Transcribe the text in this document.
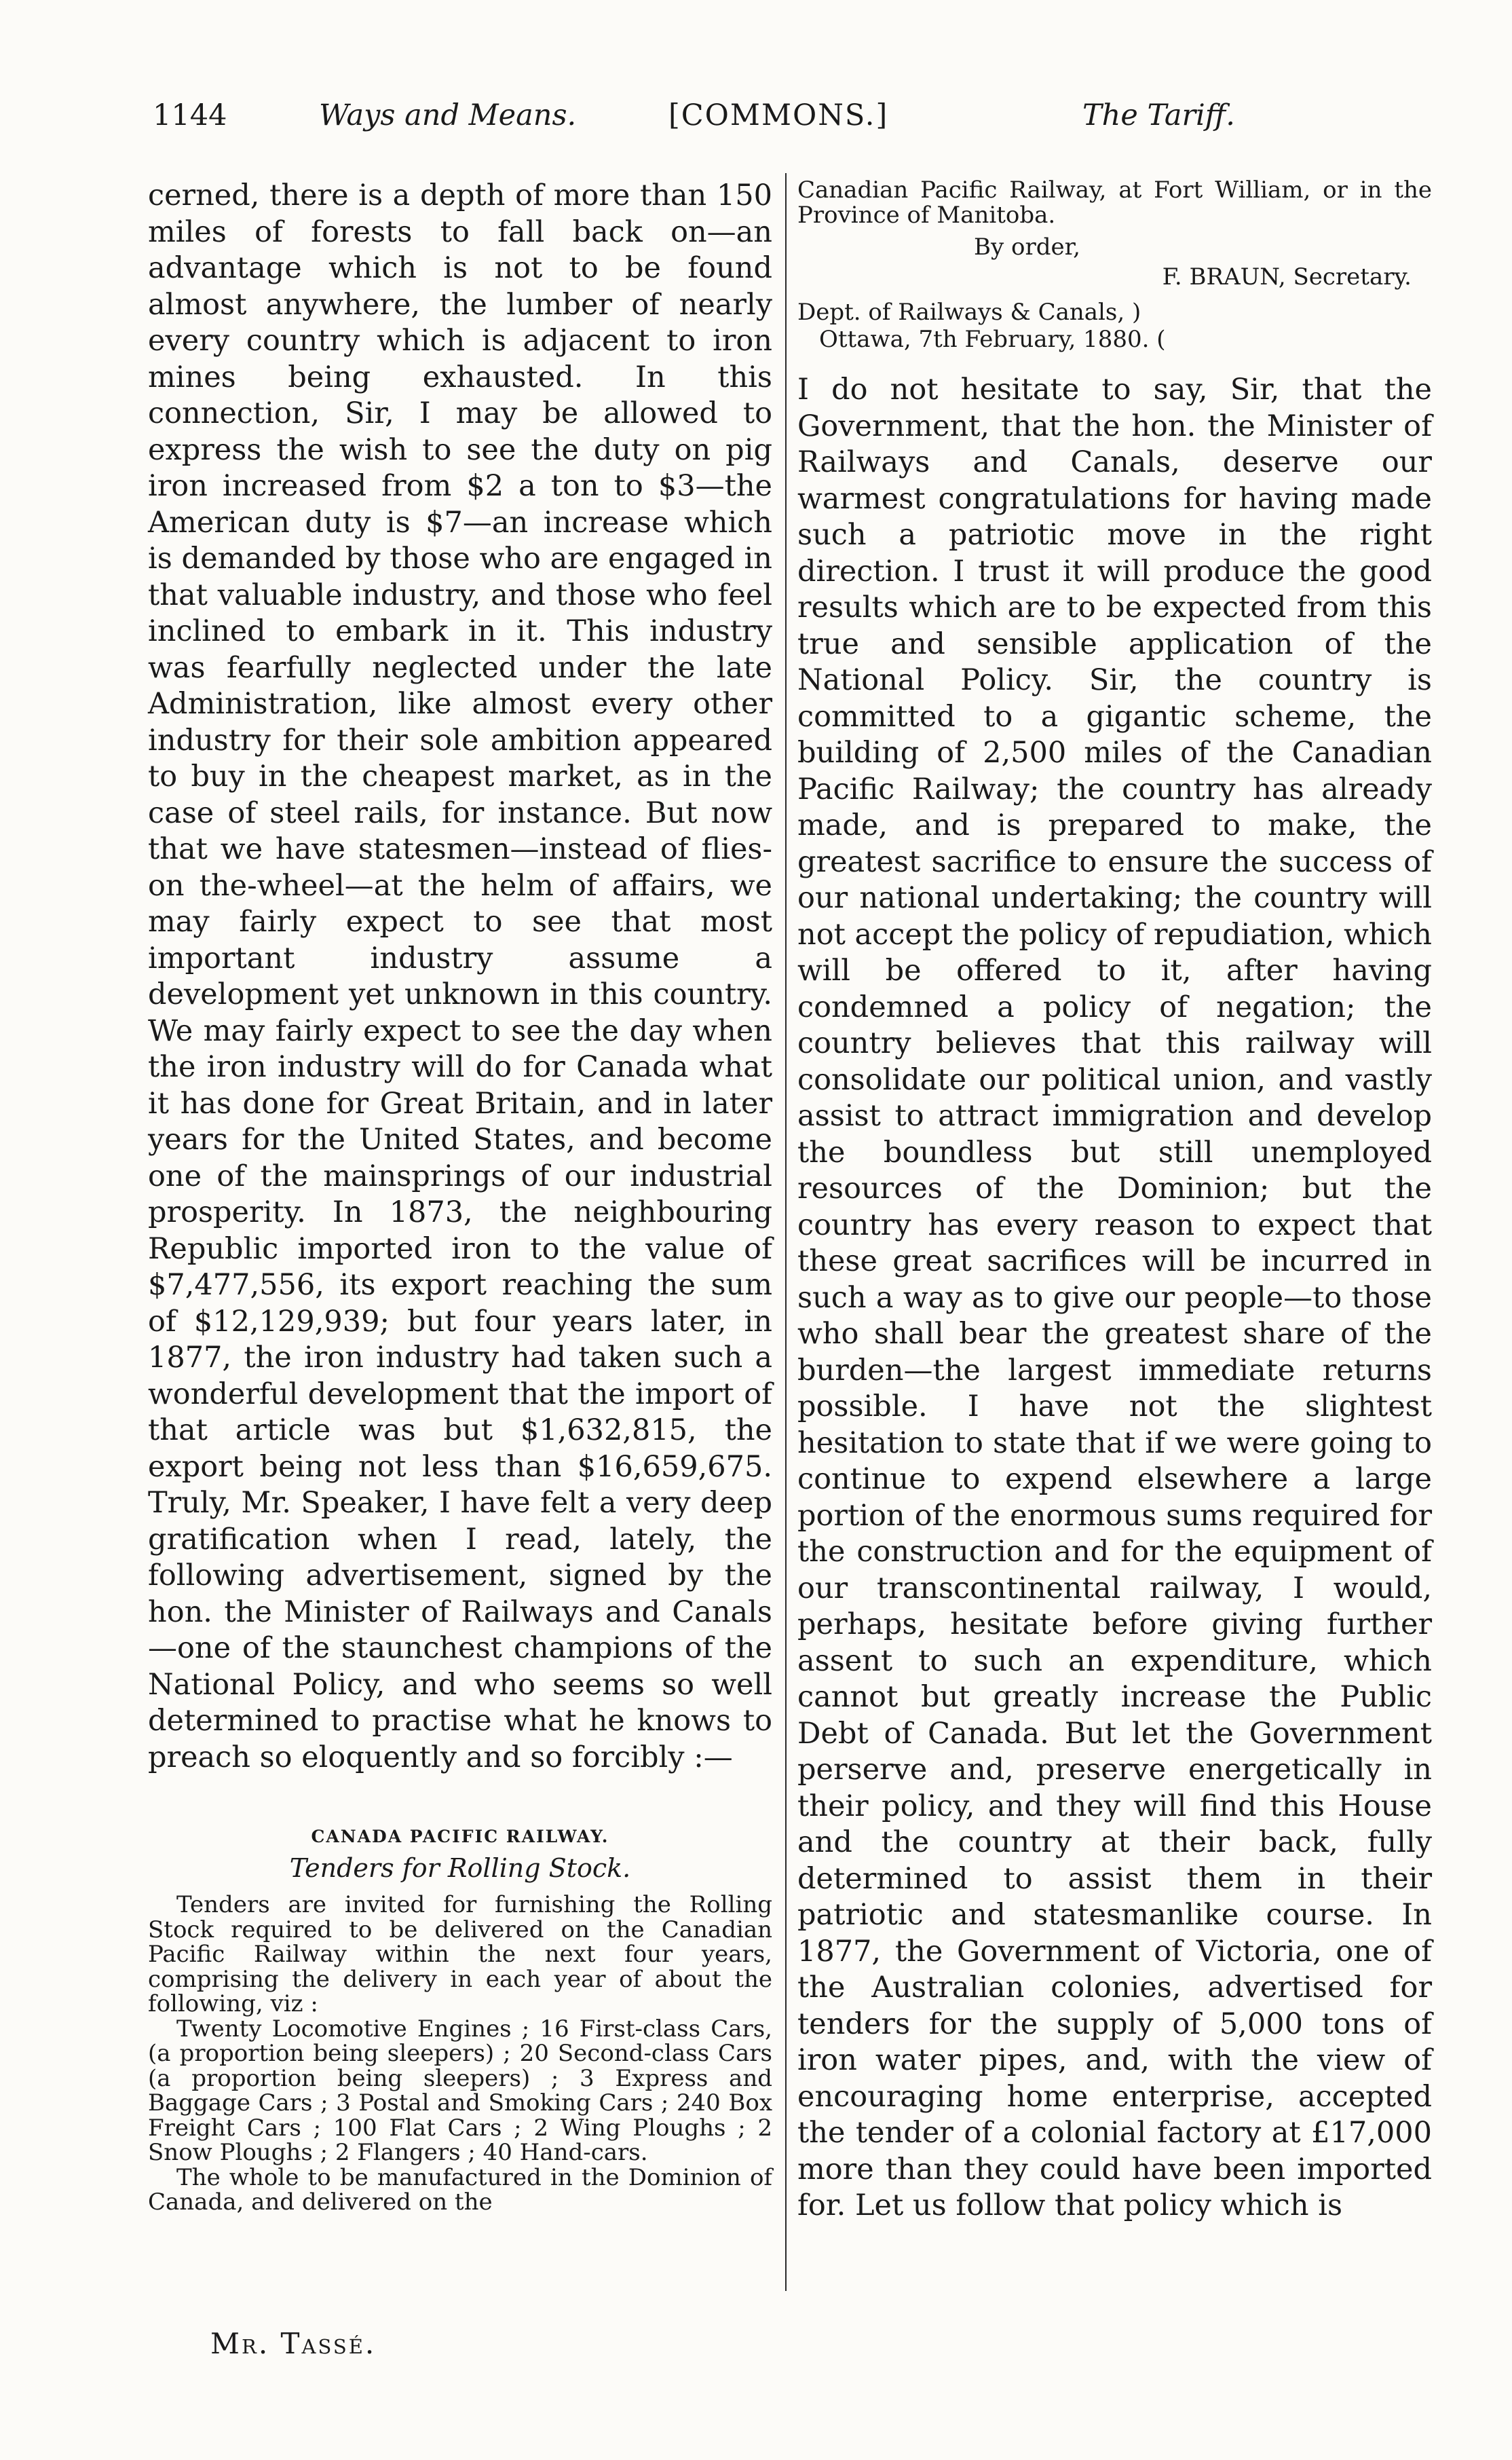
1144	Ways and Means.	[COMMONS.]	The Tariff.

cerned, there is a depth of more than 150 miles of forests to fall back on—an advantage which is not to be found almost anywhere, the lumber of nearly every country which is adjacent to iron mines being exhausted. In this connection, Sir, I may be allowed to express the wish to see the duty on pig iron increased from $2 a ton to $3—the American duty is $7—an increase which is demanded by those who are engaged in that valuable industry, and those who feel inclined to embark in it. This industry was fearfully neglected under the late Administration, like almost every other industry for their sole ambition appeared to buy in the cheapest market, as in the case of steel rails, for instance. But now that we have statesmen—instead of flies-on the-wheel—at the helm of affairs, we may fairly expect to see that most important industry assume a development yet unknown in this country. We may fairly expect to see the day when the iron industry will do for Canada what it has done for Great Britain, and in later years for the United States, and become one of the mainsprings of our industrial prosperity. In 1873, the neighbouring Republic imported iron to the value of $7,477,556, its export reaching the sum of $12,129,939; but four years later, in 1877, the iron industry had taken such a wonderful development that the import of that article was but $1,632,815, the export being not less than $16,659,675. Truly, Mr. Speaker, I have felt a very deep gratification when I read, lately, the following advertisement, signed by the hon. the Minister of Railways and Canals —one of the staunchest champions of the National Policy, and who seems so well determined to practise what he knows to preach so eloquently and so forcibly :—

CANADA PACIFIC RAILWAY.

Tenders for Rolling Stock.

Tenders are invited for furnishing the Rolling Stock required to be delivered on the Canadian Pacific Railway within the next four years, comprising the delivery in each year of about the following, viz :

Twenty Locomotive Engines ; 16 First-class Cars, (a proportion being sleepers) ; 20 Second-class Cars (a proportion being sleepers) ; 3 Express and Baggage Cars ; 3 Postal and Smoking Cars ; 240 Box Freight Cars ; 100 Flat Cars ; 2 Wing Ploughs ; 2 Snow Ploughs ; 2 Flangers ; 40 Hand-cars.

The whole to be manufactured in the Dominion of Canada, and delivered on the

Canadian Pacific Railway, at Fort William, or in the Province of Manitoba.

By order,

F. BRAUN, Secretary.

Dept. of Railways & Canals, )
Ottawa, 7th February, 1880. (

I do not hesitate to say, Sir, that the Government, that the hon. the Minister of Railways and Canals, deserve our warmest congratulations for having made such a patriotic move in the right direction. I trust it will produce the good results which are to be expected from this true and sensible application of the National Policy. Sir, the country is committed to a gigantic scheme, the building of 2,500 miles of the Canadian Pacific Railway; the country has already made, and is prepared to make, the greatest sacrifice to ensure the success of our national undertaking; the country will not accept the policy of repudiation, which will be offered to it, after having condemned a policy of negation; the country believes that this railway will consolidate our political union, and vastly assist to attract immigration and develop the boundless but still unemployed resources of the Dominion; but the country has every reason to expect that these great sacrifices will be incurred in such a way as to give our people—to those who shall bear the greatest share of the burden—the largest immediate returns possible. I have not the slightest hesitation to state that if we were going to continue to expend elsewhere a large portion of the enormous sums required for the construction and for the equipment of our transcontinental railway, I would, perhaps, hesitate before giving further assent to such an expenditure, which cannot but greatly increase the Public Debt of Canada. But let the Government perserve and, preserve energetically in their policy, and they will find this House and the country at their back, fully determined to assist them in their patriotic and statesmanlike course. In 1877, the Government of Victoria, one of the Australian colonies, advertised for tenders for the supply of 5,000 tons of iron water pipes, and, with the view of encouraging home enterprise, accepted the tender of a colonial factory at £17,000 more than they could have been imported for. Let us follow that policy which is

Mr. Tassé.
